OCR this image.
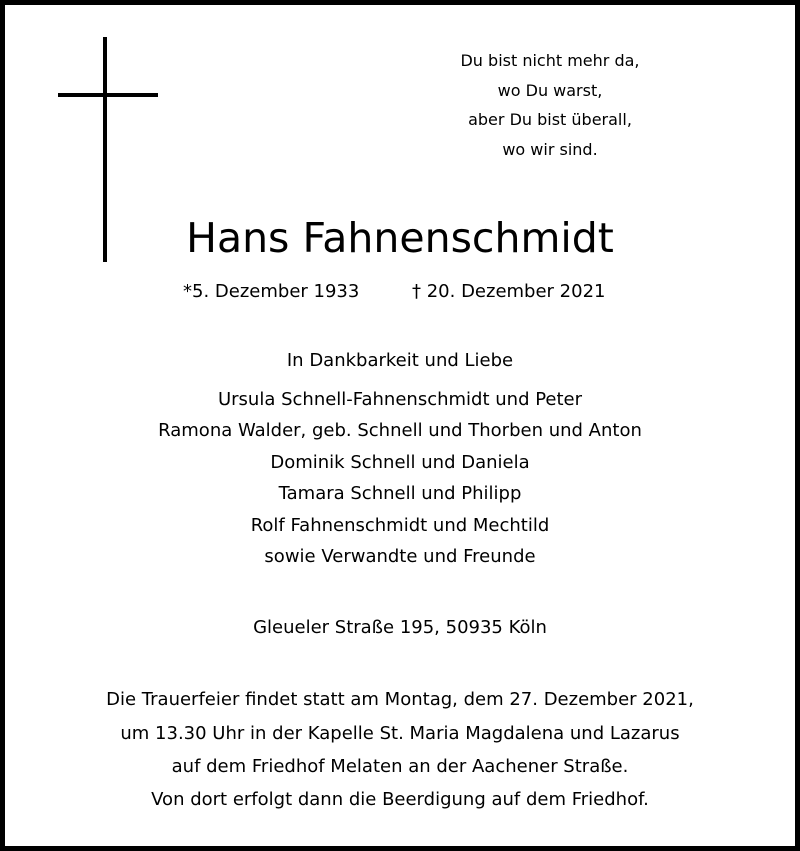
Du bist nicht mehr da,
wo Du warst,
aber Du bist überall,
wo wir sind.
Hans Fahnenschmidt
*5. Dezember 1933	† 20. Dezember 2021
In Dankbarkeit und Liebe
Ursula Schnell-Fahnenschmidt und Peter
Ramona Walder, geb. Schnell und Thorben und Anton
Dominik Schnell und Daniela
Tamara Schnell und Philipp
Rolf Fahnenschmidt und Mechtild
sowie Verwandte und Freunde
Gleueler Straße 195, 50935 Köln
Die Trauerfeier findet statt am Montag, dem 27. Dezember 2021,
um 13.30 Uhr in der Kapelle St. Maria Magdalena und Lazarus
auf dem Friedhof Melaten an der Aachener Straße.
Von dort erfolgt dann die Beerdigung auf dem Friedhof.
